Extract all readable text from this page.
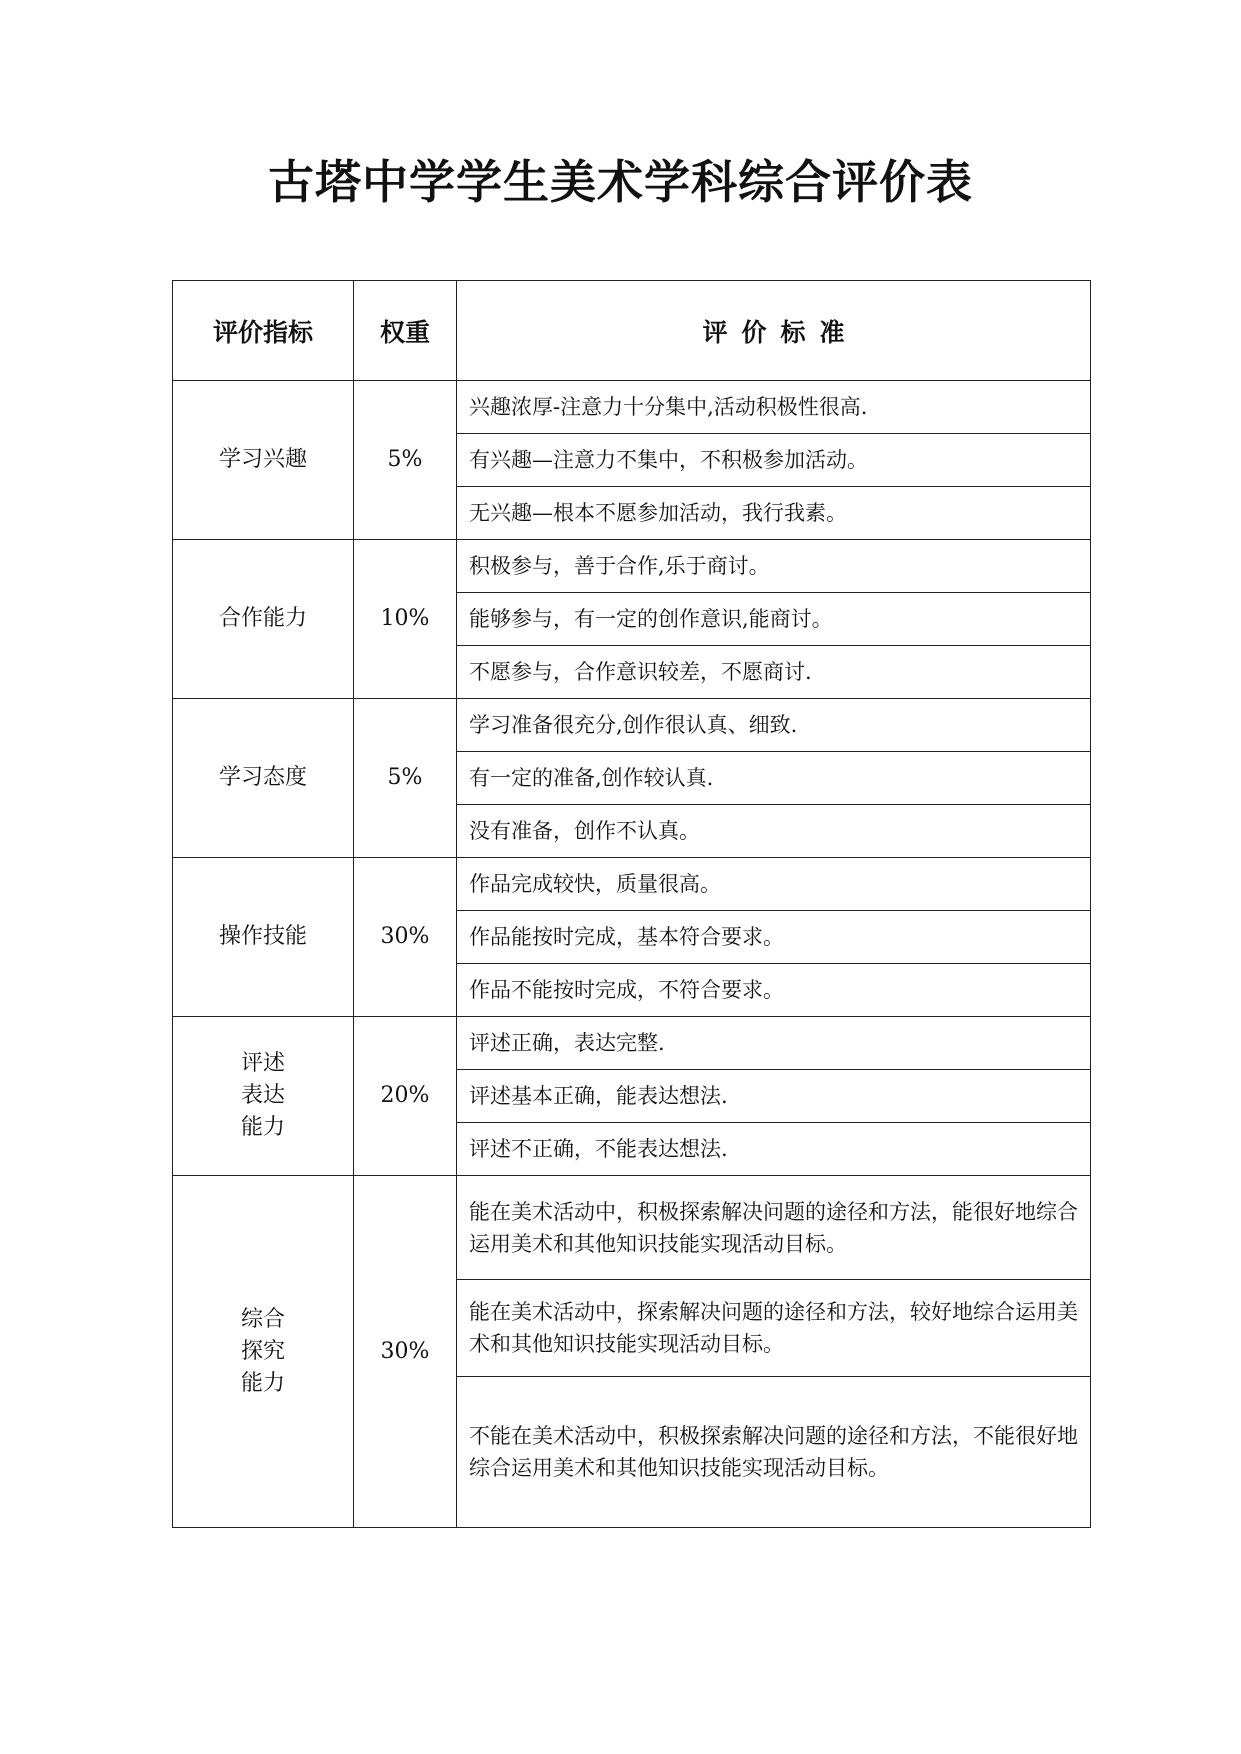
古塔中学学生美术学科综合评价表
评价指标	权重	评价标准

学习兴趣	5%	兴趣浓厚-注意力十分集中,活动积极性很高.
		有兴趣—注意力不集中，不积极参加活动。
		无兴趣—根本不愿参加活动，我行我素。

合作能力	10%	积极参与，善于合作,乐于商讨。
		能够参与，有一定的创作意识,能商讨。
		不愿参与，合作意识较差，不愿商讨.

学习态度	5%	学习准备很充分,创作很认真、细致.
		有一定的准备,创作较认真.
		没有准备，创作不认真。

操作技能	30%	作品完成较快，质量很高。
		作品能按时完成，基本符合要求。
		作品不能按时完成，不符合要求。

评述
表达
能力	20%	评述正确，表达完整.
		评述基本正确，能表达想法.
		评述不正确，不能表达想法.

综合
探究
能力	30%	能在美术活动中，积极探索解决问题的途径和方法，能很好地综合运用美术和其他知识技能实现活动目标。
		能在美术活动中，探索解决问题的途径和方法，较好地综合运用美术和其他知识技能实现活动目标。
		不能在美术活动中，积极探索解决问题的途径和方法，不能很好地综合运用美术和其他知识技能实现活动目标。
